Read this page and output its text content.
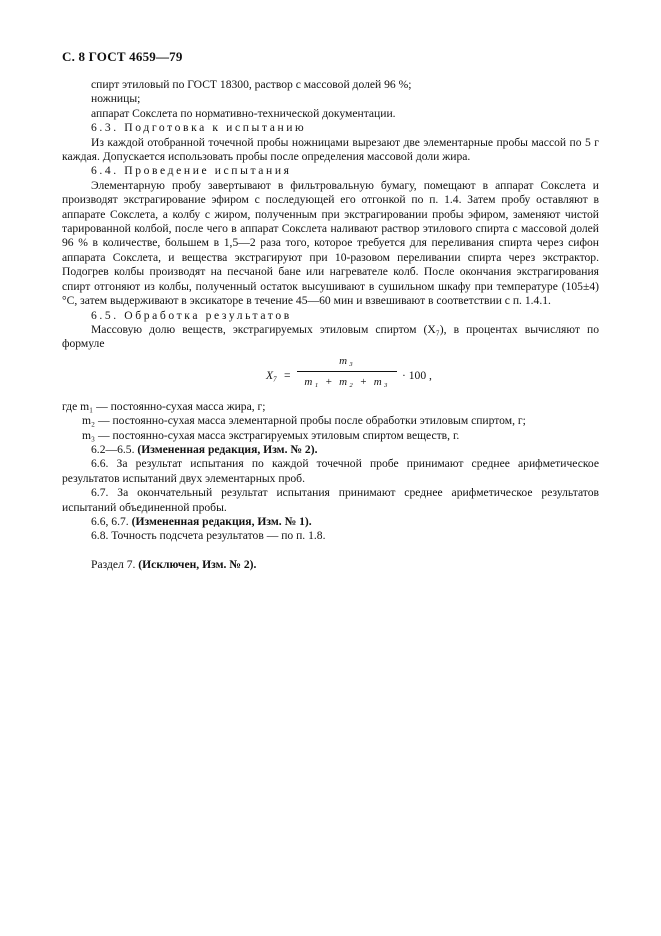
С. 8 ГОСТ 4659—79

спирт этиловый по ГОСТ 18300, раствор с массовой долей 96 %;

ножницы;

аппарат Сокслета по нормативно-технической документации.

6.3. Подготовка к испытанию

Из каждой отобранной точечной пробы ножницами вырезают две элементарные пробы массой по 5 г каждая. Допускается использовать пробы после определения массовой доли жира.

6.4. Проведение испытания

Элементарную пробу завертывают в фильтровальную бумагу, помещают в аппарат Сокслета и производят экстрагирование эфиром с последующей его отгонкой по п. 1.4. Затем пробу оставляют в аппарате Сокслета, а колбу с жиром, полученным при экстрагировании пробы эфиром, заменяют чистой тарированной колбой, после чего в аппарат Сокслета наливают раствор этилового спирта с массовой долей 96 % в количестве, большем в 1,5—2 раза того, которое требуется для переливания спирта через сифон аппарата Сокслета, и вещества экстрагируют при 10-разовом переливании спирта через экстрактор. Подогрев колбы производят на песчаной бане или нагревателе колб. После окончания экстрагирования спирт отгоняют из колбы, полученный остаток высушивают в сушильном шкафу при температуре (105±4) °С, затем выдерживают в эксикаторе в течение 45—60 мин и взвешивают в соответствии с п. 1.4.1.

6.5. Обработка результатов

Массовую долю веществ, экстрагируемых этиловым спиртом (X₇), в процентах вычисляют по формуле

X₇ =
m₃
m₁ + m₂ + m₃
· 100 ,

где m₁ — постоянно-сухая масса жира, г;

m₂ — постоянно-сухая масса элементарной пробы после обработки этиловым спиртом, г;

m₃ — постоянно-сухая масса экстрагируемых этиловым спиртом веществ, г.

6.2—6.5. (Измененная редакция, Изм. № 2).

6.6. За результат испытания по каждой точечной пробе принимают среднее арифметическое результатов испытаний двух элементарных проб.

6.7. За окончательный результат испытания принимают среднее арифметическое результатов испытаний объединенной пробы.

6.6, 6.7. (Измененная редакция, Изм. № 1).

6.8. Точность подсчета результатов — по п. 1.8.

Раздел 7. (Исключен, Изм. № 2).
